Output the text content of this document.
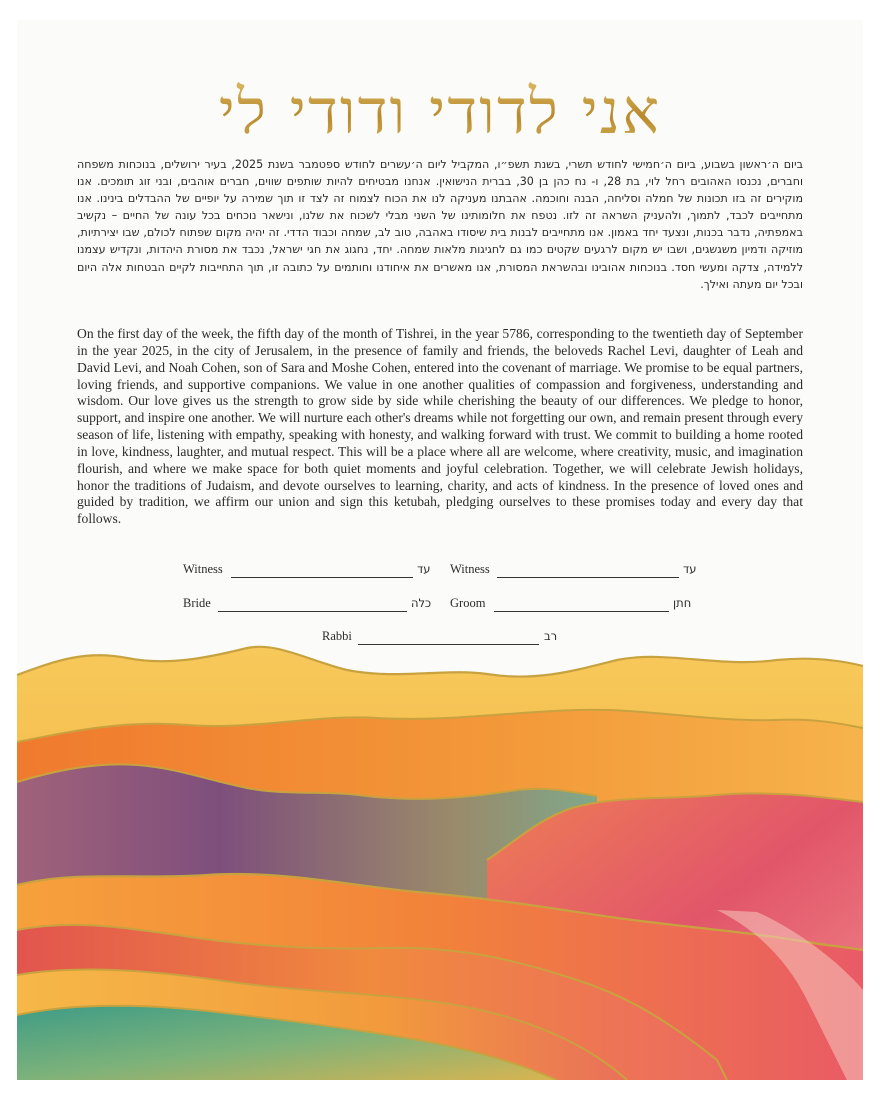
אני לדודי ודודי לי

ביום ה׳ראשון בשבוע, ביום ה׳חמישי לחודש תשרי, בשנת תשפ״ו, המקביל ליום ה׳עשרים לחודש ספטמבר בשנת 2025, בעיר ירושלים, בנוכחות משפחה וחברים, נכנסו האהובים רחל לוי, בת 28, ו- נח כהן בן 30, בברית הנישואין. אנחנו מבטיחים להיות שותפים שווים, חברים אוהבים, ובני זוג תומכים. אנו מוקירים זה בזו תכונות של חמלה וסליחה, הבנה וחוכמה. אהבתנו מעניקה לנו את הכוח לצמוח זה לצד זו תוך שמירה על יופיים של ההבדלים בינינו. אנו מתחייבים לכבד, לתמוך, ולהעניק השראה זה לזו. נטפח את חלומותינו של השני מבלי לשכוח את שלנו, ונישאר נוכחים בכל עונה של החיים – נקשיב באמפתיה, נדבר בכנות, ונצעד יחד באמון. אנו מתחייבים לבנות בית שיסודו באהבה, טוב לב, שמחה וכבוד הדדי. זה יהיה מקום שפתוח לכולם, שבו יצירתיות, מוזיקה ודמיון משגשגים, ושבו יש מקום לרגעים שקטים כמו גם לחגיגות מלאות שמחה. יחד, נחגוג את חגי ישראל, נכבד את מסורת היהדות, ונקדיש עצמנו ללמידה, צדקה ומעשי חסד. בנוכחות אהובינו ובהשראת המסורת, אנו מאשרים את איחודנו וחותמים על כתובה זו, תוך התחייבות לקיים הבטחות אלה היום ובכל יום מעתה ואילך.

On the first day of the week, the fifth day of the month of Tishrei, in the year 5786, corresponding to the twentieth day of September in the year 2025, in the city of Jerusalem, in the presence of family and friends, the beloveds Rachel Levi, daughter of Leah and David Levi, and Noah Cohen, son of Sara and Moshe Cohen, entered into the covenant of marriage. We promise to be equal partners, loving friends, and supportive companions. We value in one another qualities of compassion and forgiveness, understanding and wisdom. Our love gives us the strength to grow side by side while cherishing the beauty of our differences. We pledge to honor, support, and inspire one another. We will nurture each other's dreams while not forgetting our own, and remain present through every season of life, listening with empathy, speaking with honesty, and walking forward with trust. We commit to building a home rooted in love, kindness, laughter, and mutual respect. This will be a place where all are welcome, where creativity, music, and imagination flourish, and where we make space for both quiet moments and joyful celebration. Together, we will celebrate Jewish holidays, honor the traditions of Judaism, and devote ourselves to learning, charity, and acts of kindness. In the presence of loved ones and guided by tradition, we affirm our union and sign this ketubah, pledging ourselves to these promises today and every day that follows.

Witness	עד Witness	עד
Bride	כלה Groom	חתן
Rabbi	רב
